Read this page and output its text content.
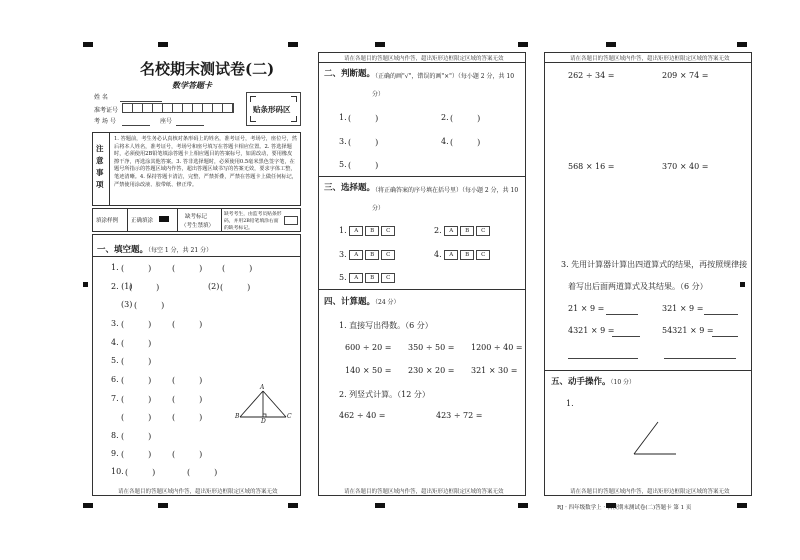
名校期末测试卷(二)
数学答题卡
姓 名
准考证号
考 场 号	座号
贴条形码区
注意事项
1. 答题前，考生务必认真核对条形码上的姓名，准考证号，考场号，座位号，然后将本人姓名，准考证号，考场号和座号填写在答题卡相应位置。2. 答选择题时，必须使用2B铅笔填涂答题卡上相应题目的答案标号，如需改动，要用橡皮擦干净，再选涂其他答案。3. 答非选择题时，必须使用0.5毫米黑色签字笔，在题号所指示的答题区域内作答，超出答题区域书写的答案无效，要求字体工整，笔迹清晰。4. 保持答题卡清洁，完整，严禁折叠，严禁在答题卡上做任何标记，严禁使用涂改液、胶带纸、修正带。
填涂样例 正确填涂
缺考标记
（考生禁填）
缺考考生，由监考员贴条形码，并用2B铅笔填涂右面的缺考标记。
一、填空题。（每空 1 分，共 21 分）
1. (　　　)	(　　　) (　　　)
2. (1)
(　　　)	(2) (　　　)
(3) (　　　)
3. (　　　)	(　　　)
4. (　　　)
5. (　　　)
6. (　　　)	(　　　)
7. (　　　)	(　　　)
(　　　)	(　　　)
A
B	C
D
8. (　　　)
9. (　　　)	(　　　)
10. (　　　)	(　　　)
请在各题目的答题区域内作答，超出矩形边框限定区域的答案无效
请在各题目的答题区域内作答，超出矩形边框限定区域的答案无效
二、判断题。
（正确的画"√"，错误的画"×"）（每小题 2 分，共 10 分）
1. (　　　)	2. (　　　)
3. (　　　)	4. (　　　)
5. (　　　)
三、选择题。
（将正确答案的序号填在括号里）（每小题 2 分，共 10 分）
1. A B C	2. A B C
3. A B C	4. A B C
5. A B C
四、计算题。（24 分）
1. 直接写出得数。（6 分）
600 ÷ 20 = 350 ÷ 50 = 1200 ÷ 40 =
140 × 50 = 230 × 20 = 321 × 30 =
2. 列竖式计算。（12 分）
462 ÷ 40 =	423 ÷ 72 =
请在各题目的答题区域内作答，超出矩形边框限定区域的答案无效
请在各题目的答题区域内作答，超出矩形边框限定区域的答案无效
262 ÷ 34 =	209 × 74 =
568 × 16 =	370 × 40 =
3. 先用计算器计算出四道算式的结果，再按照规律接
着写出后面两道算式及其结果。（6 分）
21 × 9 =	321 × 9 =
4321 × 9 =	54321 × 9 =
五、动手操作。（10 分）
1.
请在各题目的答题区域内作答，超出矩形边框限定区域的答案无效
RJ · 四年级数学上 · 名校期末测试卷(二)答题卡 第 1 页
